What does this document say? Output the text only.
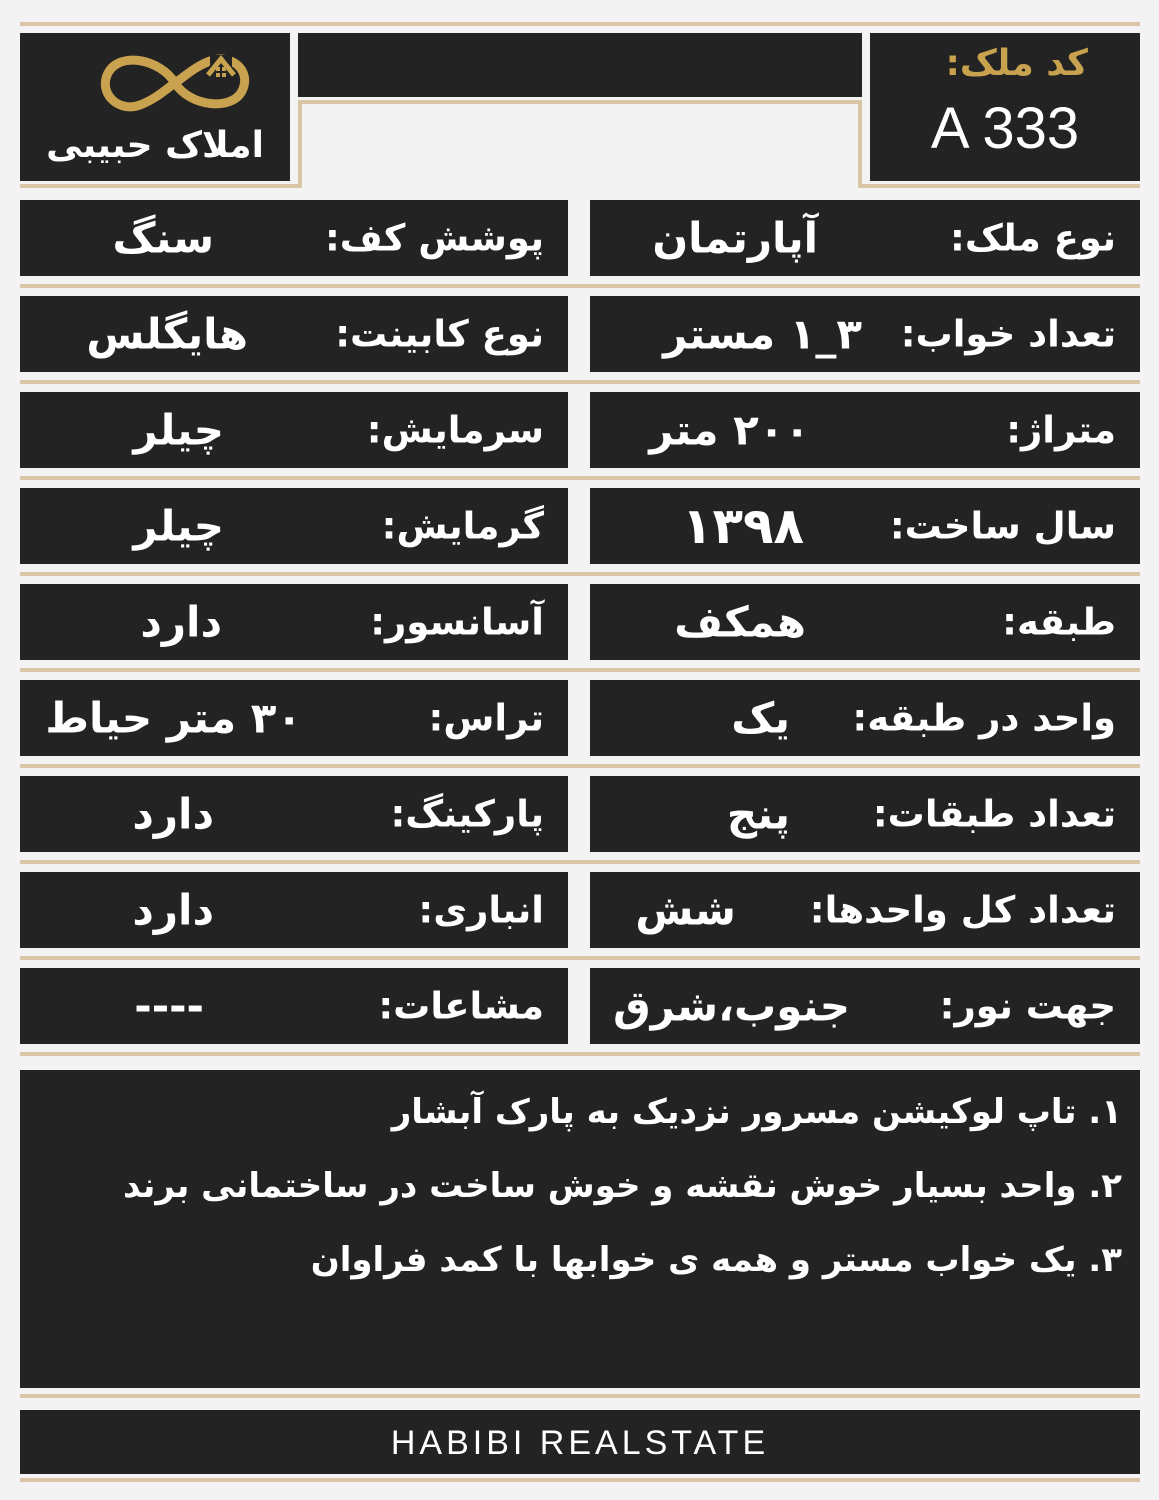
املاک حبیبی
کد ملک:
A 333
نوع ملک:
آپارتمان
پوشش کف:
سنگ
تعداد خواب:
۳_۱ مستر
نوع کابینت:
هایگلس
متراژ:
۲۰۰ متر
سرمایش:
چیلر
سال ساخت:
۱۳۹۸
گرمایش:
چیلر
طبقه:
همکف
آسانسور:
دارد
واحد در طبقه:
یک
تراس:
۳۰ متر حیاط
تعداد طبقات:
پنج
پارکینگ:
دارد
تعداد کل واحدها:
شش
انباری:
دارد
جهت نور:
جنوب،شرق
مشاعات:
----
۱. تاپ لوکیشن مسرور نزدیک به پارک آبشار
۲. واحد بسیار خوش نقشه و خوش ساخت در ساختمانی برند
۳. یک خواب مستر و همه ی خوابها با کمد فراوان
HABIBI REALSTATE
